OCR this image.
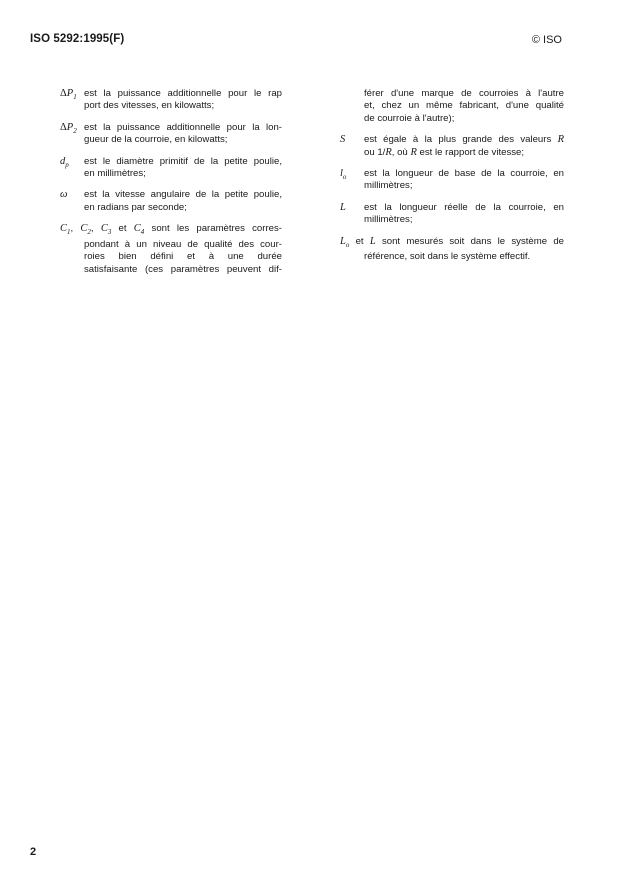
ISO 5292:1995(F)	© ISO
$\Delta P_1$ est la puissance additionnelle pour le rap
port des vitesses, en kilowatts;
$\Delta P_2$ est la puissance additionnelle pour la lon-
gueur de la courroie, en kilowatts;
$d_p$	est le diamètre primitif de la petite poulie,
en millimètres;
ω	est la vitesse angulaire de la petite poulie,
en radians par seconde;
$C_1$, $C_2$, $C_3$ et $C_4$ sont les paramètres corres-
pondant à un niveau de qualité des cour-
roies bien défini et à une durée
satisfaisante (ces paramètres peuvent dif-
férer d'une marque de courroies à l'autre
et, chez un même fabricant, d'une qualité
de courroie à l'autre);
S	est égale à la plus grande des valeurs R
ou 1/R, où R est le rapport de vitesse;
$l_o$	est la longueur de base de la courroie, en
millimètres;
L	est la longueur réelle de la courroie, en
millimètres;
$L_o$ et L sont mesurés soit dans le système de
référence, soit dans le système effectif.
2
